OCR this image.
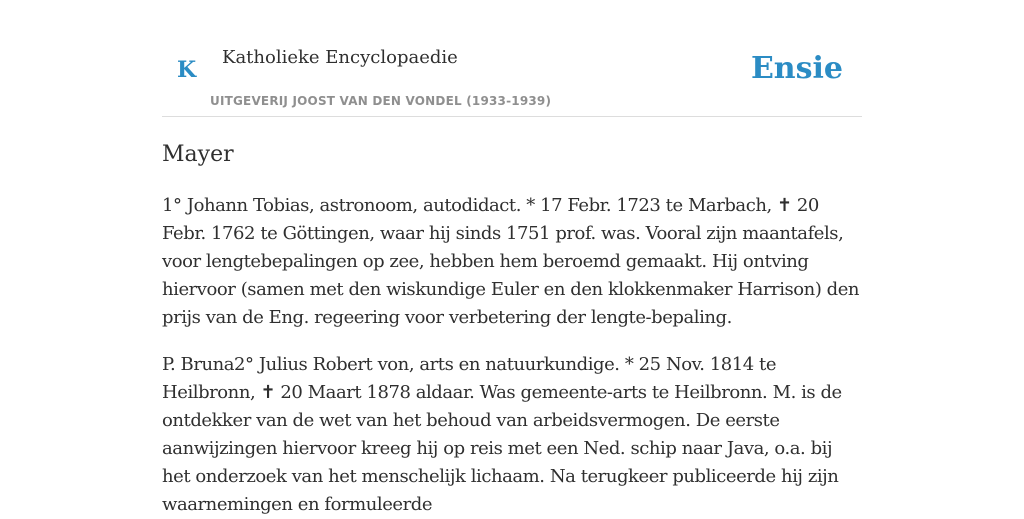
K Katholieke Encyclopaedie
UITGEVERIJ JOOST VAN DEN VONDEL (1933-1939)
Ensie
Mayer

1° Johann Tobias, astronoom, autodidact. * 17 Febr. 1723 te Marbach, ✝ 20 Febr. 1762 te Göttingen, waar hij sinds 1751 prof. was. Vooral zijn maantafels, voor lengtebepalingen op zee, hebben hem beroemd gemaakt. Hij ontving hiervoor (samen met den wiskundige Euler en den klokkenmaker Harrison) den prijs van de Eng. regeering voor verbetering der lengte-bepaling.

P. Bruna2° Julius Robert von, arts en natuurkundige. * 25 Nov. 1814 te Heilbronn, ✝ 20 Maart 1878 aldaar. Was gemeente-arts te Heilbronn. M. is de ontdekker van de wet van het behoud van arbeidsvermogen. De eerste aanwijzingen hiervoor kreeg hij op reis met een Ned. schip naar Java, o.a. bij het onderzoek van het menschelijk lichaam. Na terugkeer publiceerde hij zijn waarnemingen en formuleerde
